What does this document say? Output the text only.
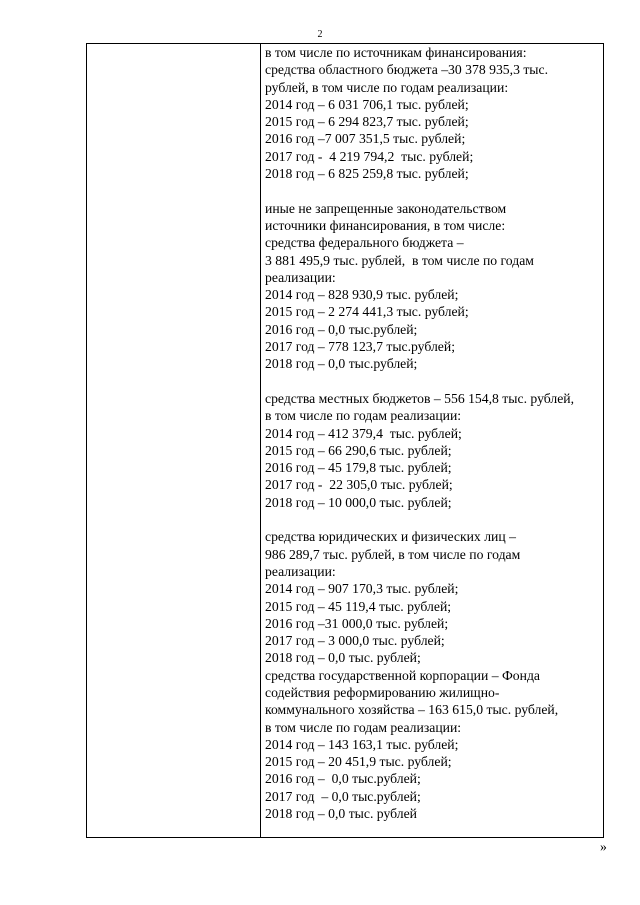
2
в том числе по источникам финансирования:
средства областного бюджета –30 378 935,3 тыс.
рублей, в том числе по годам реализации:
2014 год – 6 031 706,1 тыс. рублей;
2015 год – 6 294 823,7 тыс. рублей;
2016 год –7 007 351,5 тыс. рублей;
2017 год -  4 219 794,2  тыс. рублей;
2018 год – 6 825 259,8 тыс. рублей;
иные не запрещенные законодательством
источники финансирования, в том числе:
средства федерального бюджета –
3 881 495,9 тыс. рублей,  в том числе по годам
реализации:
2014 год – 828 930,9 тыс. рублей;
2015 год – 2 274 441,3 тыс. рублей;
2016 год – 0,0 тыс.рублей;
2017 год – 778 123,7 тыс.рублей;
2018 год – 0,0 тыс.рублей;
средства местных бюджетов – 556 154,8 тыс. рублей,
в том числе по годам реализации:
2014 год – 412 379,4  тыс. рублей;
2015 год – 66 290,6 тыс. рублей;
2016 год – 45 179,8 тыс. рублей;
2017 год -  22 305,0 тыс. рублей;
2018 год – 10 000,0 тыс. рублей;
средства юридических и физических лиц –
986 289,7 тыс. рублей, в том числе по годам
реализации:
2014 год – 907 170,3 тыс. рублей;
2015 год – 45 119,4 тыс. рублей;
2016 год –31 000,0 тыс. рублей;
2017 год – 3 000,0 тыс. рублей;
2018 год – 0,0 тыс. рублей;
средства государственной корпорации – Фонда
содействия реформированию жилищно-
коммунального хозяйства – 163 615,0 тыс. рублей,
в том числе по годам реализации:
2014 год – 143 163,1 тыс. рублей;
2015 год – 20 451,9 тыс. рублей;
2016 год –  0,0 тыс.рублей;
2017 год  – 0,0 тыс.рублей;
2018 год – 0,0 тыс. рублей
»
